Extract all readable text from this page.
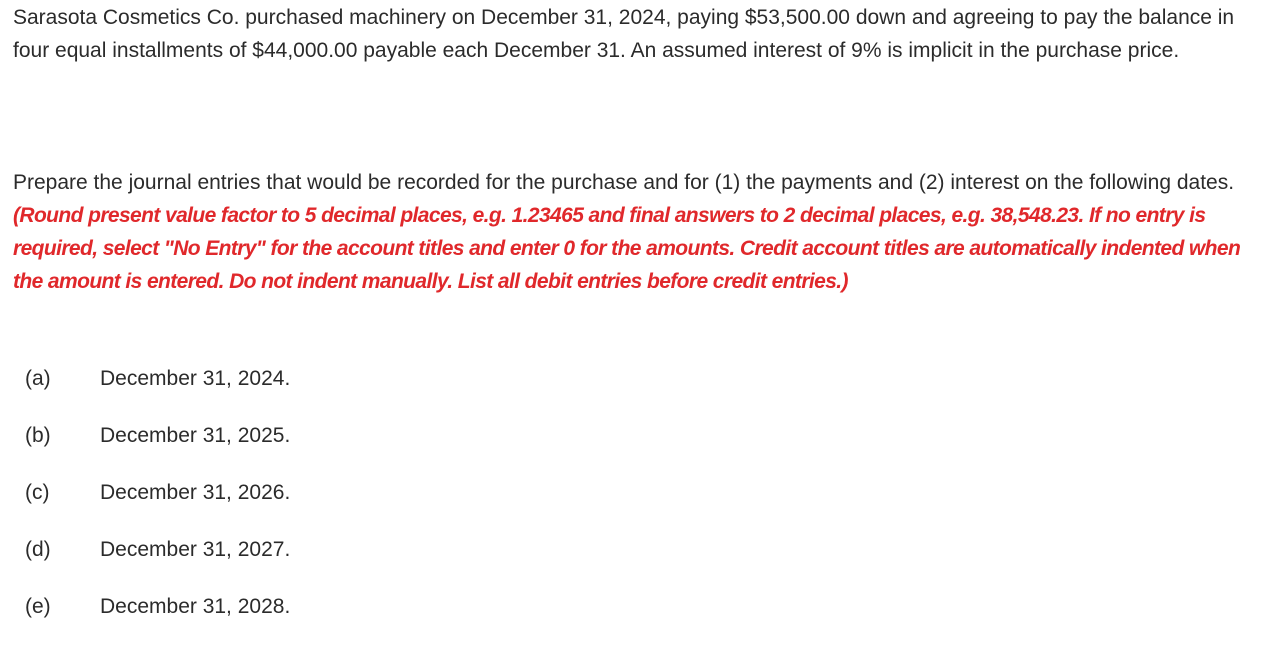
Sarasota Cosmetics Co. purchased machinery on December 31, 2024, paying $53,500.00 down and agreeing to pay the balance in four equal installments of $44,000.00 payable each December 31. An assumed interest of 9% is implicit in the purchase price.

Prepare the journal entries that would be recorded for the purchase and for (1) the payments and (2) interest on the following dates. (Round present value factor to 5 decimal places, e.g. 1.23465 and final answers to 2 decimal places, e.g. 38,548.23. If no entry is required, select "No Entry" for the account titles and enter 0 for the amounts. Credit account titles are automatically indented when the amount is entered. Do not indent manually. List all debit entries before credit entries.)

(a)	December 31, 2024.
(b)	December 31, 2025.
(c)	December 31, 2026.
(d)	December 31, 2027.
(e)	December 31, 2028.
